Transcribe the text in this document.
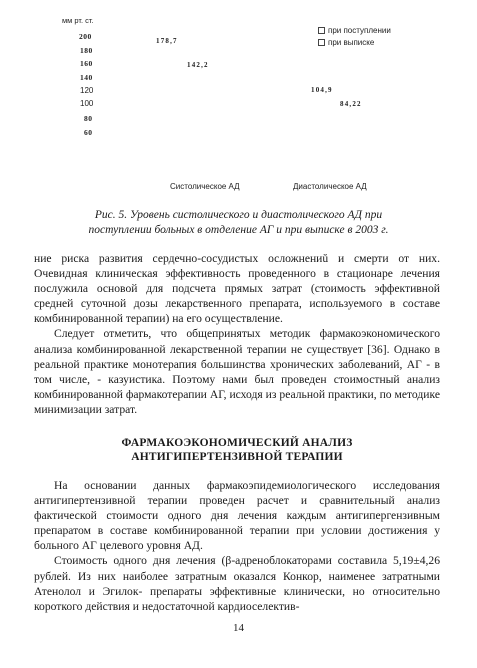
мм рт. ст.
200
180
160
140
120
100
80
60
при поступлении
при выписке
178,7
142,2
104,9
84,22
Систолическое АД	Диастолическое АД
Рис. 5. Уровень систолического и диастолического АД при
поступлении больных в отделение АГ и при выписке в 2003 г.

ние риска развития сердечно-сосудистых осложнениŭ и смерти от них. Очевидная клиническая эффективность проведенного в стационаре лечения послужила основой для подсчета прямых затрат (стоимость эффективной средней суточной дозы лекарственного препарата, используемого в составе комбинированной терапии) на его осуществление.

Следует отметить, что общепринятых методик фармакоэкономического анализа комбинированной лекарственной терапии не существует [36]. Однако в реальной практике монотерапия большинства хронических заболеваний, АГ - в том числе, - казуистика. Поэтому нами был проведен стоимостный анализ комбинированной фармакотерапии АГ, исходя из реальной практики, по методике минимизации затрат.

ФАРМАКОЭКОНОМИЧЕСКИЙ АНАЛИЗ
АНТИГИПЕРТЕНЗИВНОЙ ТЕРАПИИ

На основании данных фармакоэпидемиологического исследования антигипертензивной терапии проведен расчет и сравнительный анализ фактической стоимости одного дня лечения каждым антигипергензивным препаратом в составе комбинированной терапии при условии достижения у больного АГ целевого уровня АД.

Стоимость одного дня лечения (β-адреноблокаторами составила 5,19±4,26 рублей. Из них наиболее затратным оказался Конкор, наименее затратными Атенолол и Эгилок- препараты эффективные клинически, но относительно короткого действия и недостаточной кардиоселектив-

14
